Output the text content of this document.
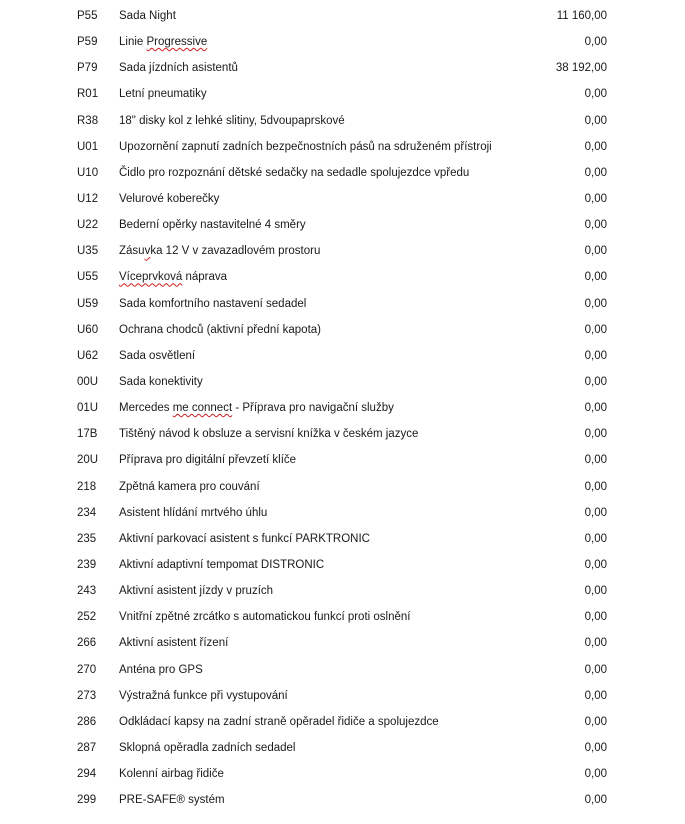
P55 Sada Night	11 160,00
P59 Linie Progressive	0,00
P79 Sada jízdních asistentů	38 192,00
R01 Letní pneumatiky	0,00
R38 18" disky kol z lehké slitiny, 5dvoupaprskové	0,00
U01 Upozornění zapnutí zadních bezpečnostních pásů na sdruženém přístroji	0,00
U10 Čidlo pro rozpoznání dětské sedačky na sedadle spolujezdce vpředu	0,00
U12 Velurové koberečky	0,00
U22 Bederní opěrky nastavitelné 4 směry	0,00
U35 Zásuvka 12 V v zavazadlovém prostoru	0,00
U55 Víceprvková náprava	0,00
U59 Sada komfortního nastavení sedadel	0,00
U60 Ochrana chodců (aktivní přední kapota)	0,00
U62 Sada osvětlení	0,00
00U Sada konektivity	0,00
01U Mercedes me connect - Příprava pro navigační služby	0,00
17B Tištěný návod k obsluze a servisní knížka v českém jazyce	0,00
20U Příprava pro digitální převzetí klíče	0,00
218 Zpětná kamera pro couvání	0,00
234 Asistent hlídání mrtvého úhlu	0,00
235 Aktivní parkovací asistent s funkcí PARKTRONIC	0,00
239 Aktivní adaptivní tempomat DISTRONIC	0,00
243 Aktivní asistent jízdy v pruzích	0,00
252 Vnitřní zpětné zrcátko s automatickou funkcí proti oslnění	0,00
266 Aktivní asistent řízení	0,00
270 Anténa pro GPS	0,00
273 Výstražná funkce při vystupování	0,00
286 Odkládací kapsy na zadní straně opěradel řidiče a spolujezdce	0,00
287 Sklopná opěradla zadních sedadel	0,00
294 Kolenní airbag řidiče	0,00
299 PRE-SAFE® systém	0,00
